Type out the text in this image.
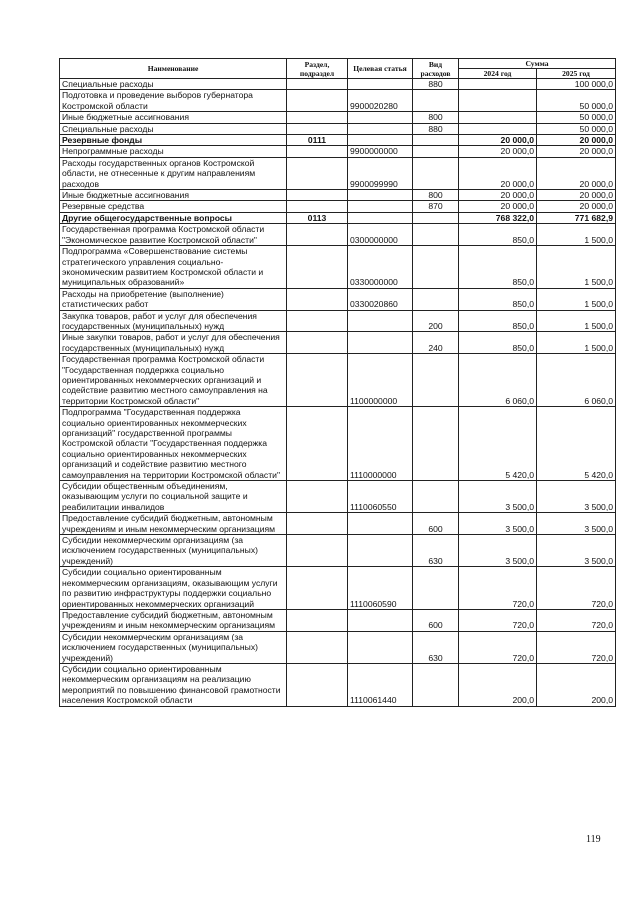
Наименование	Раздел, подраздел	Целевая статья	Вид расходов	Сумма	
				2024 год	2025 год
Специальные расходы			880		100 000,0
Подготовка и проведение выборов губернатора Костромской области		9900020280			50 000,0
Иные бюджетные ассигнования			800		50 000,0
Специальные расходы			880		50 000,0
Резервные фонды	0111			20 000,0	20 000,0
Непрограммные расходы		9900000000		20 000,0	20 000,0
Расходы государственных органов Костромской области, не отнесенные к другим направлениям расходов		9900099990		20 000,0	20 000,0
Иные бюджетные ассигнования			800	20 000,0	20 000,0
Резервные средства			870	20 000,0	20 000,0
Другие общегосударственные вопросы	0113			768 322,0	771 682,9
Государственная программа Костромской области "Экономическое развитие Костромской области"		0300000000		850,0	1 500,0
Подпрограмма «Совершенствование системы стратегического управления социально-экономическим развитием Костромской области и муниципальных образований»		0330000000		850,0	1 500,0
Расходы на приобретение (выполнение) статистических работ		0330020860		850,0	1 500,0
Закупка товаров, работ и услуг для обеспечения государственных (муниципальных) нужд			200	850,0	1 500,0
Иные закупки товаров, работ и услуг для обеспечения государственных (муниципальных) нужд			240	850,0	1 500,0
Государственная программа Костромской области "Государственная поддержка социально ориентированных некоммерческих организаций и содействие развитию местного самоуправления на территории Костромской области"		1100000000		6 060,0	6 060,0
Подпрограмма "Государственная поддержка социально ориентированных некоммерческих организаций" государственной программы Костромской области "Государственная поддержка социально ориентированных некоммерческих организаций и содействие развитию местного самоуправления на территории Костромской области"		1110000000		5 420,0	5 420,0
Субсидии общественным объединениям, оказывающим услуги по социальной защите и реабилитации инвалидов		1110060550		3 500,0	3 500,0
Предоставление субсидий бюджетным, автономным учреждениям и иным некоммерческим организациям			600	3 500,0	3 500,0
Субсидии некоммерческим организациям (за исключением государственных (муниципальных) учреждений)			630	3 500,0	3 500,0
Субсидии социально ориентированным некоммерческим организациям, оказывающим услуги по развитию инфраструктуры поддержки социально ориентированных некоммерческих организаций		1110060590		720,0	720,0
Предоставление субсидий бюджетным, автономным учреждениям и иным некоммерческим организациям			600	720,0	720,0
Субсидии некоммерческим организациям (за исключением государственных (муниципальных) учреждений)			630	720,0	720,0
Субсидии социально ориентированным некоммерческим организациям на реализацию мероприятий по повышению финансовой грамотности населения Костромской области		1110061440		200,0	200,0
119
